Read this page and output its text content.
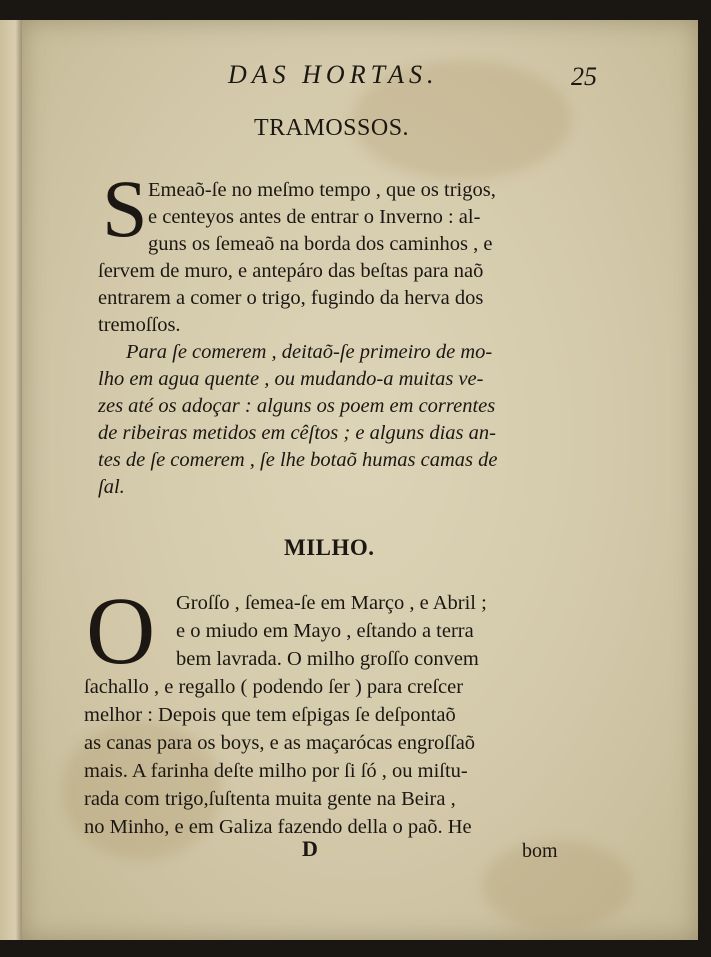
DAS HORTAS.	25
TRAMOSSOS.
S Emeaõ-ſe no meſmo tempo , que os trigos,
e centeyos antes de entrar o Inverno : al-
guns os ſemeaõ na borda dos caminhos , e
ſervem de muro, e antepáro das beſtas para naõ
entrarem a comer o trigo, fugindo da herva dos
tremoſſos.
Para ſe comerem , deitaõ-ſe primeiro de mo-
lho em agua quente , ou mudando-a muitas ve-
zes até os adoçar : alguns os poem em correntes
de ribeiras metidos em cêſtos ; e alguns dias an-
tes de ſe comerem , ſe lhe botaõ humas camas de
ſal.
MILHO.
O Groſſo , ſemea-ſe em Março , e Abril ;
e o miudo em Mayo , eſtando a terra
bem lavrada. O milho groſſo convem
ſachallo , e regallo ( podendo ſer ) para creſcer
melhor : Depois que tem eſpigas ſe deſpontaõ
as canas para os boys, e as maçarócas engroſſaõ
mais. A farinha deſte milho por ſi ſó , ou miſtu-
rada com trigo,ſuſtenta muita gente na Beira ,
no Minho, e em Galiza fazendo della o paõ. He
D	bom
